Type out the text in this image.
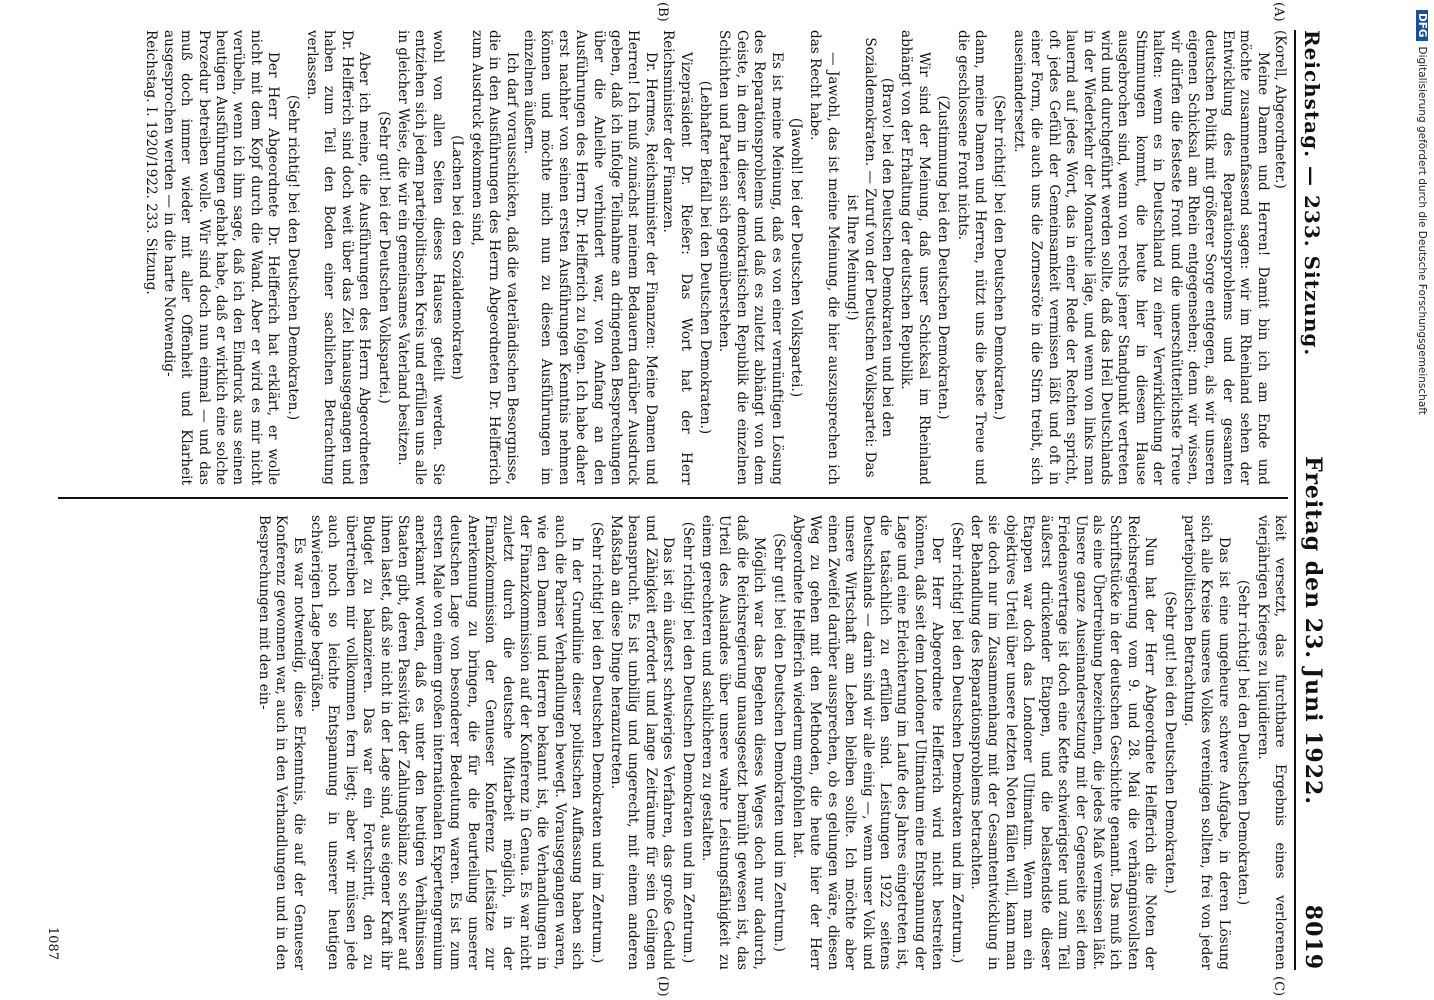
Reichstag. — 233. Sitzung.
Freitag den 23. Juni 1922.
8019
(A)
(B)
(C)
(D)

(Korell, Abgeordneter.)

Meine Damen und Herren! Damit bin ich am Ende und möchte zusammenfassend sagen: wir im Rheinland sehen der Entwicklung des Reparationsproblems und der gesamten deutschen Politik mit größerer Sorge entgegen, als wir unseren eigenen Schicksal am Rhein entgegensehen; denn wir wissen, wir dürfen die festeste Front und die unerschütterlichste Treue halten: wenn es in Deutschland zu einer Verwirklichung der Stimmungen kommt, die heute hier in diesem Hause ausgebrochen sind, wenn von rechts jener Standpunkt vertreten wird und durchgeführt werden sollte, daß das Heil Deutschlands in der Wiederkehr der Monarchie läge, und wenn von links man lauernd auf jedes Wort, das in einer Rede der Rechten spricht, oft jedes Gefühl der Gemeinsamkeit vermissen läßt und oft in einer Form, die auch uns die Zornesröte in die Stirn treibt, sich auseinandersetzt.

(Sehr richtig! bei den Deutschen Demokraten.)

dann, meine Damen und Herren, nützt uns die beste Treue und die geschlossene Front nichts.

(Zustimmung bei den Deutschen Demokraten.)

Wir sind der Meinung, daß unser Schicksal im Rheinland abhängt von der Erhaltung der deutschen Republik.

(Bravo! bei den Deutschen Demokraten und bei den Sozialdemokraten. — Zuruf von der Deutschen Volkspartei: Das ist Ihre Meinung!)

— Jawohl, das ist meine Meinung, die hier auszusprechen ich das Recht habe.

(Jawohl! bei der Deutschen Volkspartei.)

Es ist meine Meinung, daß es von einer vernünftigen Lösung des Reparationsproblems und daß es zuletzt abhängt von dem Geiste, in dem in dieser demokratischen Republik die einzelnen Schichten und Parteien sich gegenüberstehen.

(Lebhafter Beifall bei den Deutschen Demokraten.)

Vizepräsident Dr. Rießer: Das Wort hat der Herr Reichsminister der Finanzen.

Dr. Hermes, Reichsminister der Finanzen: Meine Damen und Herren! Ich muß zunächst meinem Bedauern darüber Ausdruck geben, daß ich infolge Teilnahme an dringenden Besprechungen über die Anleihe verhindert war, von Anfang an den Ausführungen des Herrn Dr. Helfferich zu folgen. Ich habe daher erst nachher von seinen ersten Ausführungen Kenntnis nehmen können und möchte mich nun zu diesen Ausführungen im einzelnen äußern.

Ich darf vorausschicken, daß die vaterländischen Besorgnisse, die in den Ausführungen des Herrn Abgeordneten Dr. Helfferich zum Ausdruck gekommen sind,

(Lachen bei den Sozialdemokraten)

wohl von allen Seiten dieses Hauses geteilt werden. Sie entziehen sich jedem parteipolitischen Kreis und erfüllen uns alle in gleicher Weise, die wir ein gemeinsames Vaterland besitzen.

(Sehr gut! bei der Deutschen Volkspartei.)

Aber ich meine, die Ausführungen des Herrn Abgeordneten Dr. Helfferich sind doch weit über das Ziel hinausgegangen und haben zum Teil den Boden einer sachlichen Betrachtung verlassen.

(Sehr richtig! bei den Deutschen Demokraten.)

Der Herr Abgeordnete Dr. Helfferich hat erklärt, er wolle nicht mit dem Kopf durch die Wand. Aber er wird es mir nicht verübeln, wenn ich ihm sage, daß ich den Eindruck aus seinen heutigen Ausführungen gehabt habe, daß er wirklich eine solche Prozedur betreiben wolle. Wir sind doch nun einmal — und das muß doch immer wieder mit aller Offenheit und Klarheit ausgesprochen werden — in die harte Notwendig-

Reichstag. I. 1920/1922. 233. Sitzung.

keit versetzt, das furchtbare Ergebnis eines verlorenen vierjährigen Krieges zu liquidieren.

(Sehr richtig! bei den Deutschen Demokraten.)

Das ist eine ungeheure schwere Aufgabe, in deren Lösung sich alle Kreise unseres Volkes vereinigen sollten, frei von jeder parteipolitischen Betrachtung.

(Sehr gut! bei den Deutschen Demokraten.)

Nun hat der Herr Abgeordnete Helfferich die Noten der Reichsregierung vom 9. und 28. Mai die verhängnisvollsten Schriftstücke in der deutschen Geschichte genannt. Das muß ich als eine Übertreibung bezeichnen, die jedes Maß vermissen läßt. Unsere ganze Auseinandersetzung mit der Gegenseite seit dem Friedensvertrage ist doch eine Kette schwierigster und zum Teil äußerst drückender Etappen, und die belastendste dieser Etappen war doch das Londoner Ultimatum. Wenn man ein objektives Urteil über unsere letzten Noten fällen will, kann man sie doch nur im Zusammenhang mit der Gesamtentwicklung in der Behandlung des Reparationsproblems betrachten.

(Sehr richtig! bei den Deutschen Demokraten und im Zentrum.)

Der Herr Abgeordnete Helfferich wird nicht bestreiten können, daß seit dem Londoner Ultimatum eine Entspannung der Lage und eine Erleichterung im Laufe des Jahres eingetreten ist, die tatsächlich zu erfüllen sind. Leistungen 1922 seitens Deutschlands — darin sind wir alle einig —, wenn unser Volk und unsere Wirtschaft am Leben bleiben sollte. Ich möchte aber einen Zweifel darüber aussprechen, ob es gelungen wäre, diesen Weg zu gehen mit den Methoden, die heute hier der Herr Abgeordnete Helfferich wiederum empfohlen hat.

(Sehr gut! bei den Deutschen Demokraten und im Zentrum.)

Möglich war das Begehen dieses Weges doch nur dadurch, daß die Reichsregierung unausgesetzt bemüht gewesen ist, das Urteil des Auslandes über unsere wahre Leistungsfähigkeit zu einem gerechteren und sachlicheren zu gestalten.

(Sehr richtig! bei den Deutschen Demokraten und im Zentrum.)

Das ist ein äußerst schwieriges Verfahren, das große Geduld und Zähigkeit erfordert und lange Zeiträume für sein Gelingen beansprucht. Es ist unbillig und ungerecht, mit einem anderen Maßstab an diese Dinge heranzutreten.

(Sehr richtig! bei den Deutschen Demokraten und im Zentrum.)

In der Grundlinie dieser politischen Auffassung haben sich auch die Pariser Verhandlungen bewegt. Vorausgegangen waren, wie den Damen und Herren bekannt ist, die Verhandlungen in der Finanzkommission auf der Konferenz in Genua. Es war nicht zuletzt durch die deutsche Mitarbeit möglich, in der Finanzkommission der Genueser Konferenz Leitsätze zur Anerkennung zu bringen, die für die Beurteilung unserer deutschen Lage von besonderer Bedeutung waren. Es ist zum ersten Male von einem großen internationalen Expertengremium anerkannt worden, daß es unter den heutigen Verhältnissen Staaten gibt, deren Passivität der Zahlungsbilanz so schwer auf ihnen lastet, daß sie nicht in der Lage sind, aus eigener Kraft ihr Budget zu balanzieren. Das war ein Fortschritt, den zu übertreiben mir vollkommen fern liegt; aber wir müssen jede auch noch so leichte Entspannung in unserer heutigen schwierigen Lage begrüßen.

Es war notwendig, diese Erkenntnis, die auf der Genueser Konferenz gewonnen war, auch in den Verhandlungen und in den Besprechungen mit den ein-

1087
DFGDigitalisierung gefördert durch die Deutsche Forschungsgemeinschaft
